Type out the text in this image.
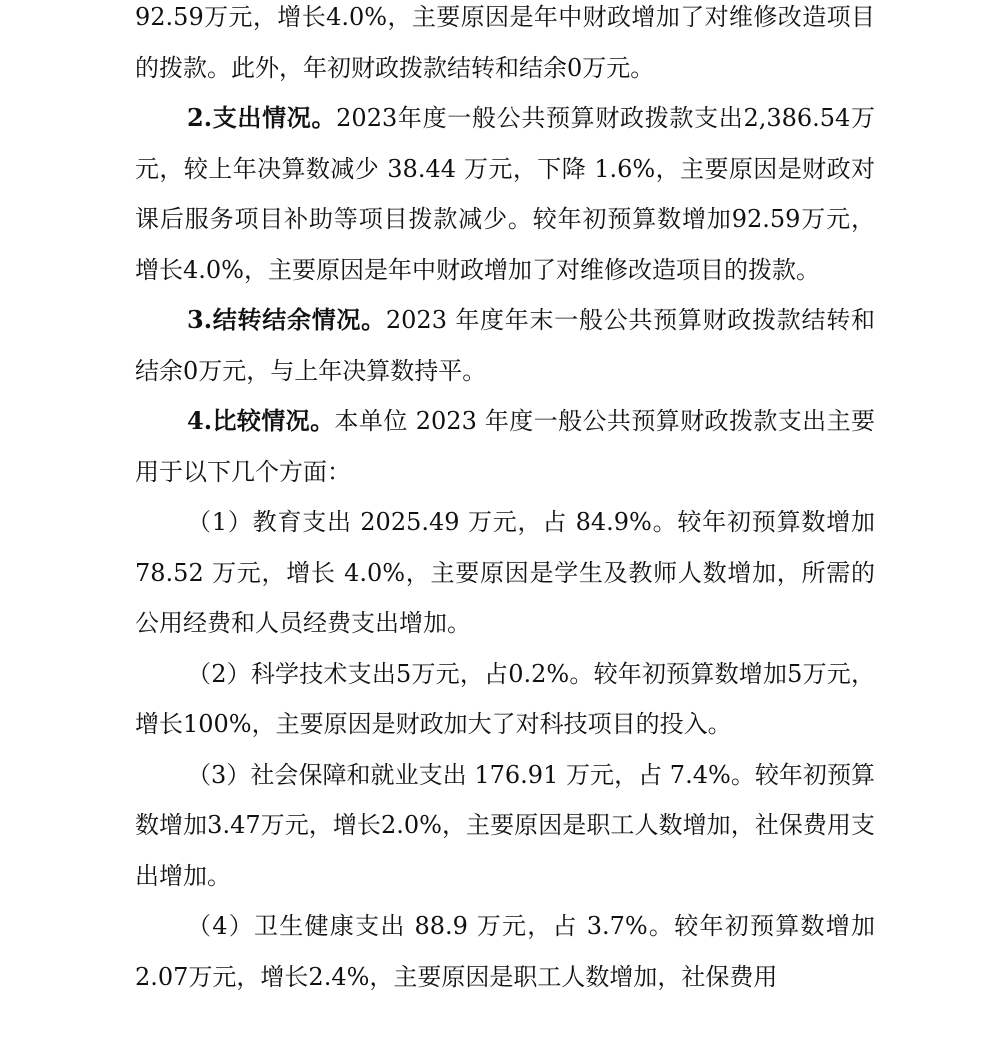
92.59万元，增长4.0%，主要原因是年中财政增加了对维修改造项目的拨款。此外，年初财政拨款结转和结余0万元。

2.支出情况。2023年度一般公共预算财政拨款支出2,386.54万元，较上年决算数减少 38.44 万元，下降 1.6%，主要原因是财政对课后服务项目补助等项目拨款减少。较年初预算数增加92.59万元，增长4.0%，主要原因是年中财政增加了对维修改造项目的拨款。

3.结转结余情况。2023 年度年末一般公共预算财政拨款结转和结余0万元，与上年决算数持平。

4.比较情况。本单位 2023 年度一般公共预算财政拨款支出主要用于以下几个方面：

（1）教育支出 2025.49 万元，占 84.9%。较年初预算数增加 78.52 万元，增长 4.0%，主要原因是学生及教师人数增加，所需的公用经费和人员经费支出增加。

（2）科学技术支出5万元，占0.2%。较年初预算数增加5万元，增长100%，主要原因是财政加大了对科技项目的投入。

（3）社会保障和就业支出 176.91 万元，占 7.4%。较年初预算数增加3.47万元，增长2.0%，主要原因是职工人数增加，社保费用支出增加。

（4）卫生健康支出 88.9 万元，占 3.7%。较年初预算数增加2.07万元，增长2.4%，主要原因是职工人数增加，社保费用
